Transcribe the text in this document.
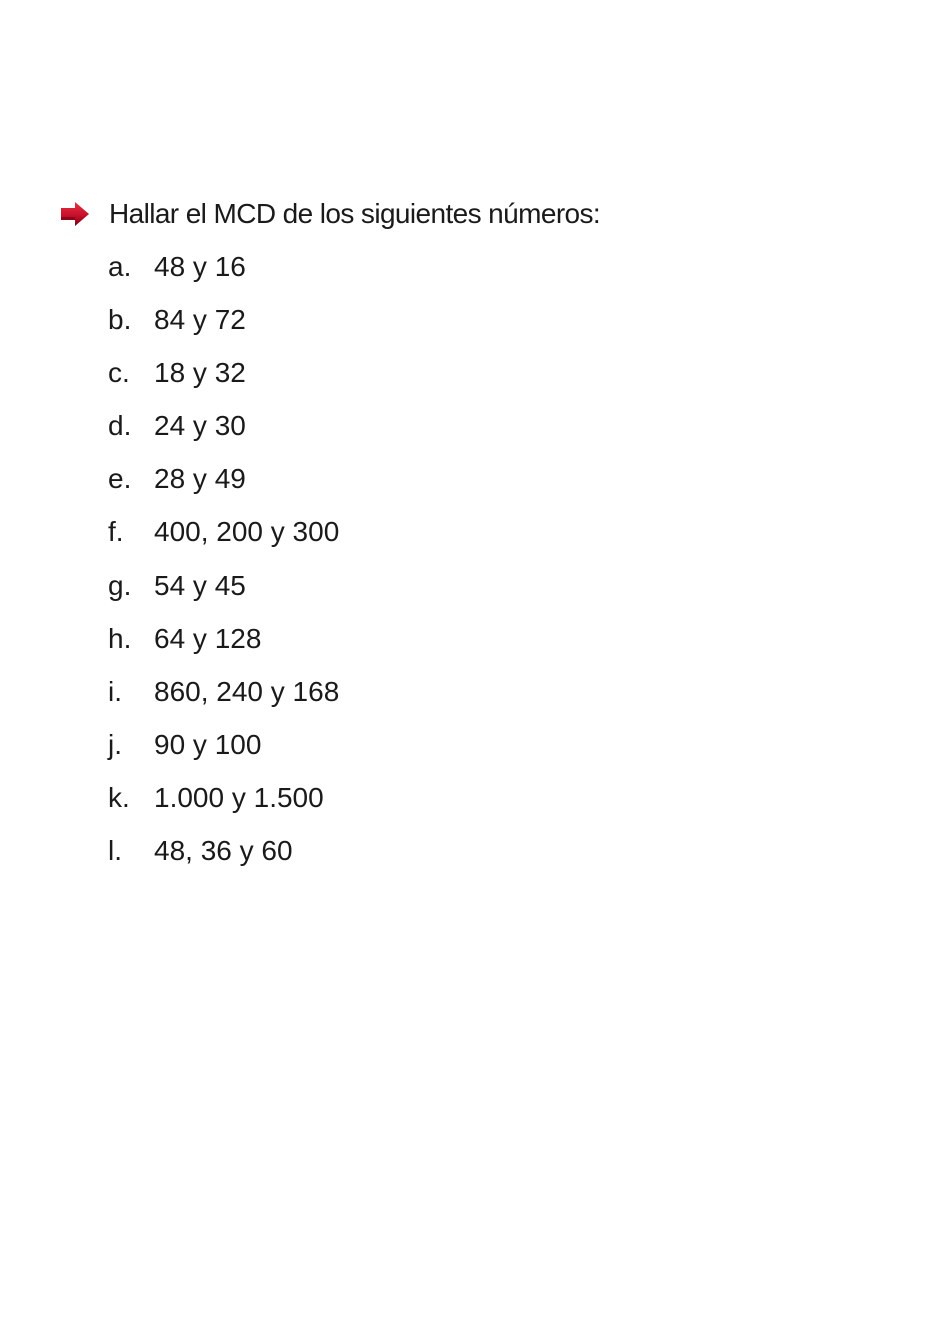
Hallar el MCD de los siguientes números:
a. 48 y 16
b. 84 y 72
c. 18 y 32
d. 24 y 30
e. 28 y 49
f.	400, 200 y 300
g. 54 y 45
h. 64 y 128
i.	860, 240 y 168
j.	90 y 100
k. 1.000 y 1.500
l.	48, 36 y 60
